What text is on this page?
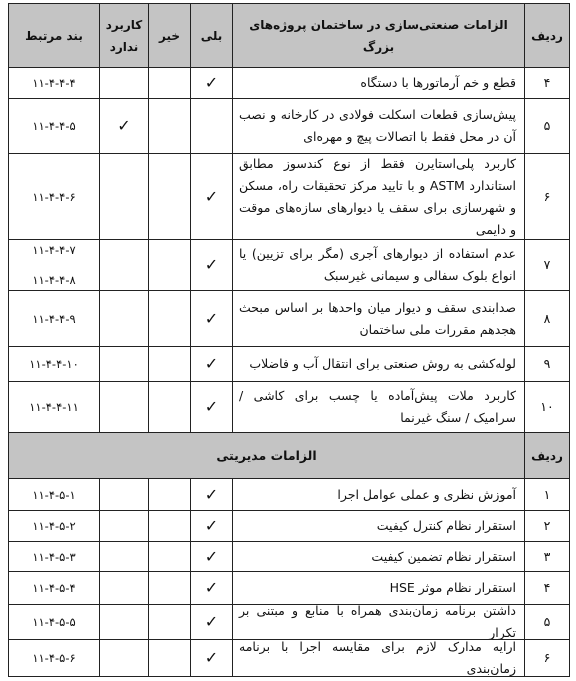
ردیف
الزامات صنعتی‌سازی در ساختمان پروژه‌های بزرگ
بلی
خیر
کاربرد ندارد
بند مرتبط
۴
قطع و خم آرماتورها با دستگاه
✓
۱۱-۴-۴-۴
۵
پیش‌سازی قطعات اسکلت فولادی در کارخانه و نصب آن در محل فقط با اتصالات پیچ و مهره‌ای
✓
۱۱-۴-۴-۵
۶
کاربرد پلی‌استایرن فقط از نوع کندسوز مطابق استاندارد ASTM و با تایید مرکز تحقیقات راه، مسکن و شهرسازی برای سقف یا دیوارهای سازه‌های موقت و دایمی
✓
۱۱-۴-۴-۶
۷
عدم استفاده از دیوارهای آجری (مگر برای تزیین) یا انواع بلوک سفالی و سیمانی غیرسبک
✓
۱۱-۴-۴-۷
۱۱-۴-۴-۸
۸
صدابندی سقف و دیوار میان واحدها بر اساس مبحث هجدهم مقررات ملی ساختمان
✓
۱۱-۴-۴-۹
۹
لوله‌کشی به روش صنعتی برای انتقال آب و فاضلاب
✓
۱۱-۴-۴-۱۰
۱۰
کاربرد ملات پیش‌آماده یا چسب برای کاشی / سرامیک / سنگ غیرنما
✓
۱۱-۴-۴-۱۱
ردیف
الزامات مدیریتی
۱
آموزش نظری و عملی عوامل اجرا
✓
۱۱-۴-۵-۱
۲
استقرار نظام کنترل کیفیت
✓
۱۱-۴-۵-۲
۳
استقرار نظام تضمین کیفیت
✓
۱۱-۴-۵-۳
۴
استقرار نظام موثر HSE
✓
۱۱-۴-۵-۴
۵
داشتن برنامه زمان‌بندی همراه با منابع و مبتنی بر تکرار
✓
۱۱-۴-۵-۵
۶
ارایه مدارک لازم برای مقایسه اجرا با برنامه زمان‌بندی
✓
۱۱-۴-۵-۶
